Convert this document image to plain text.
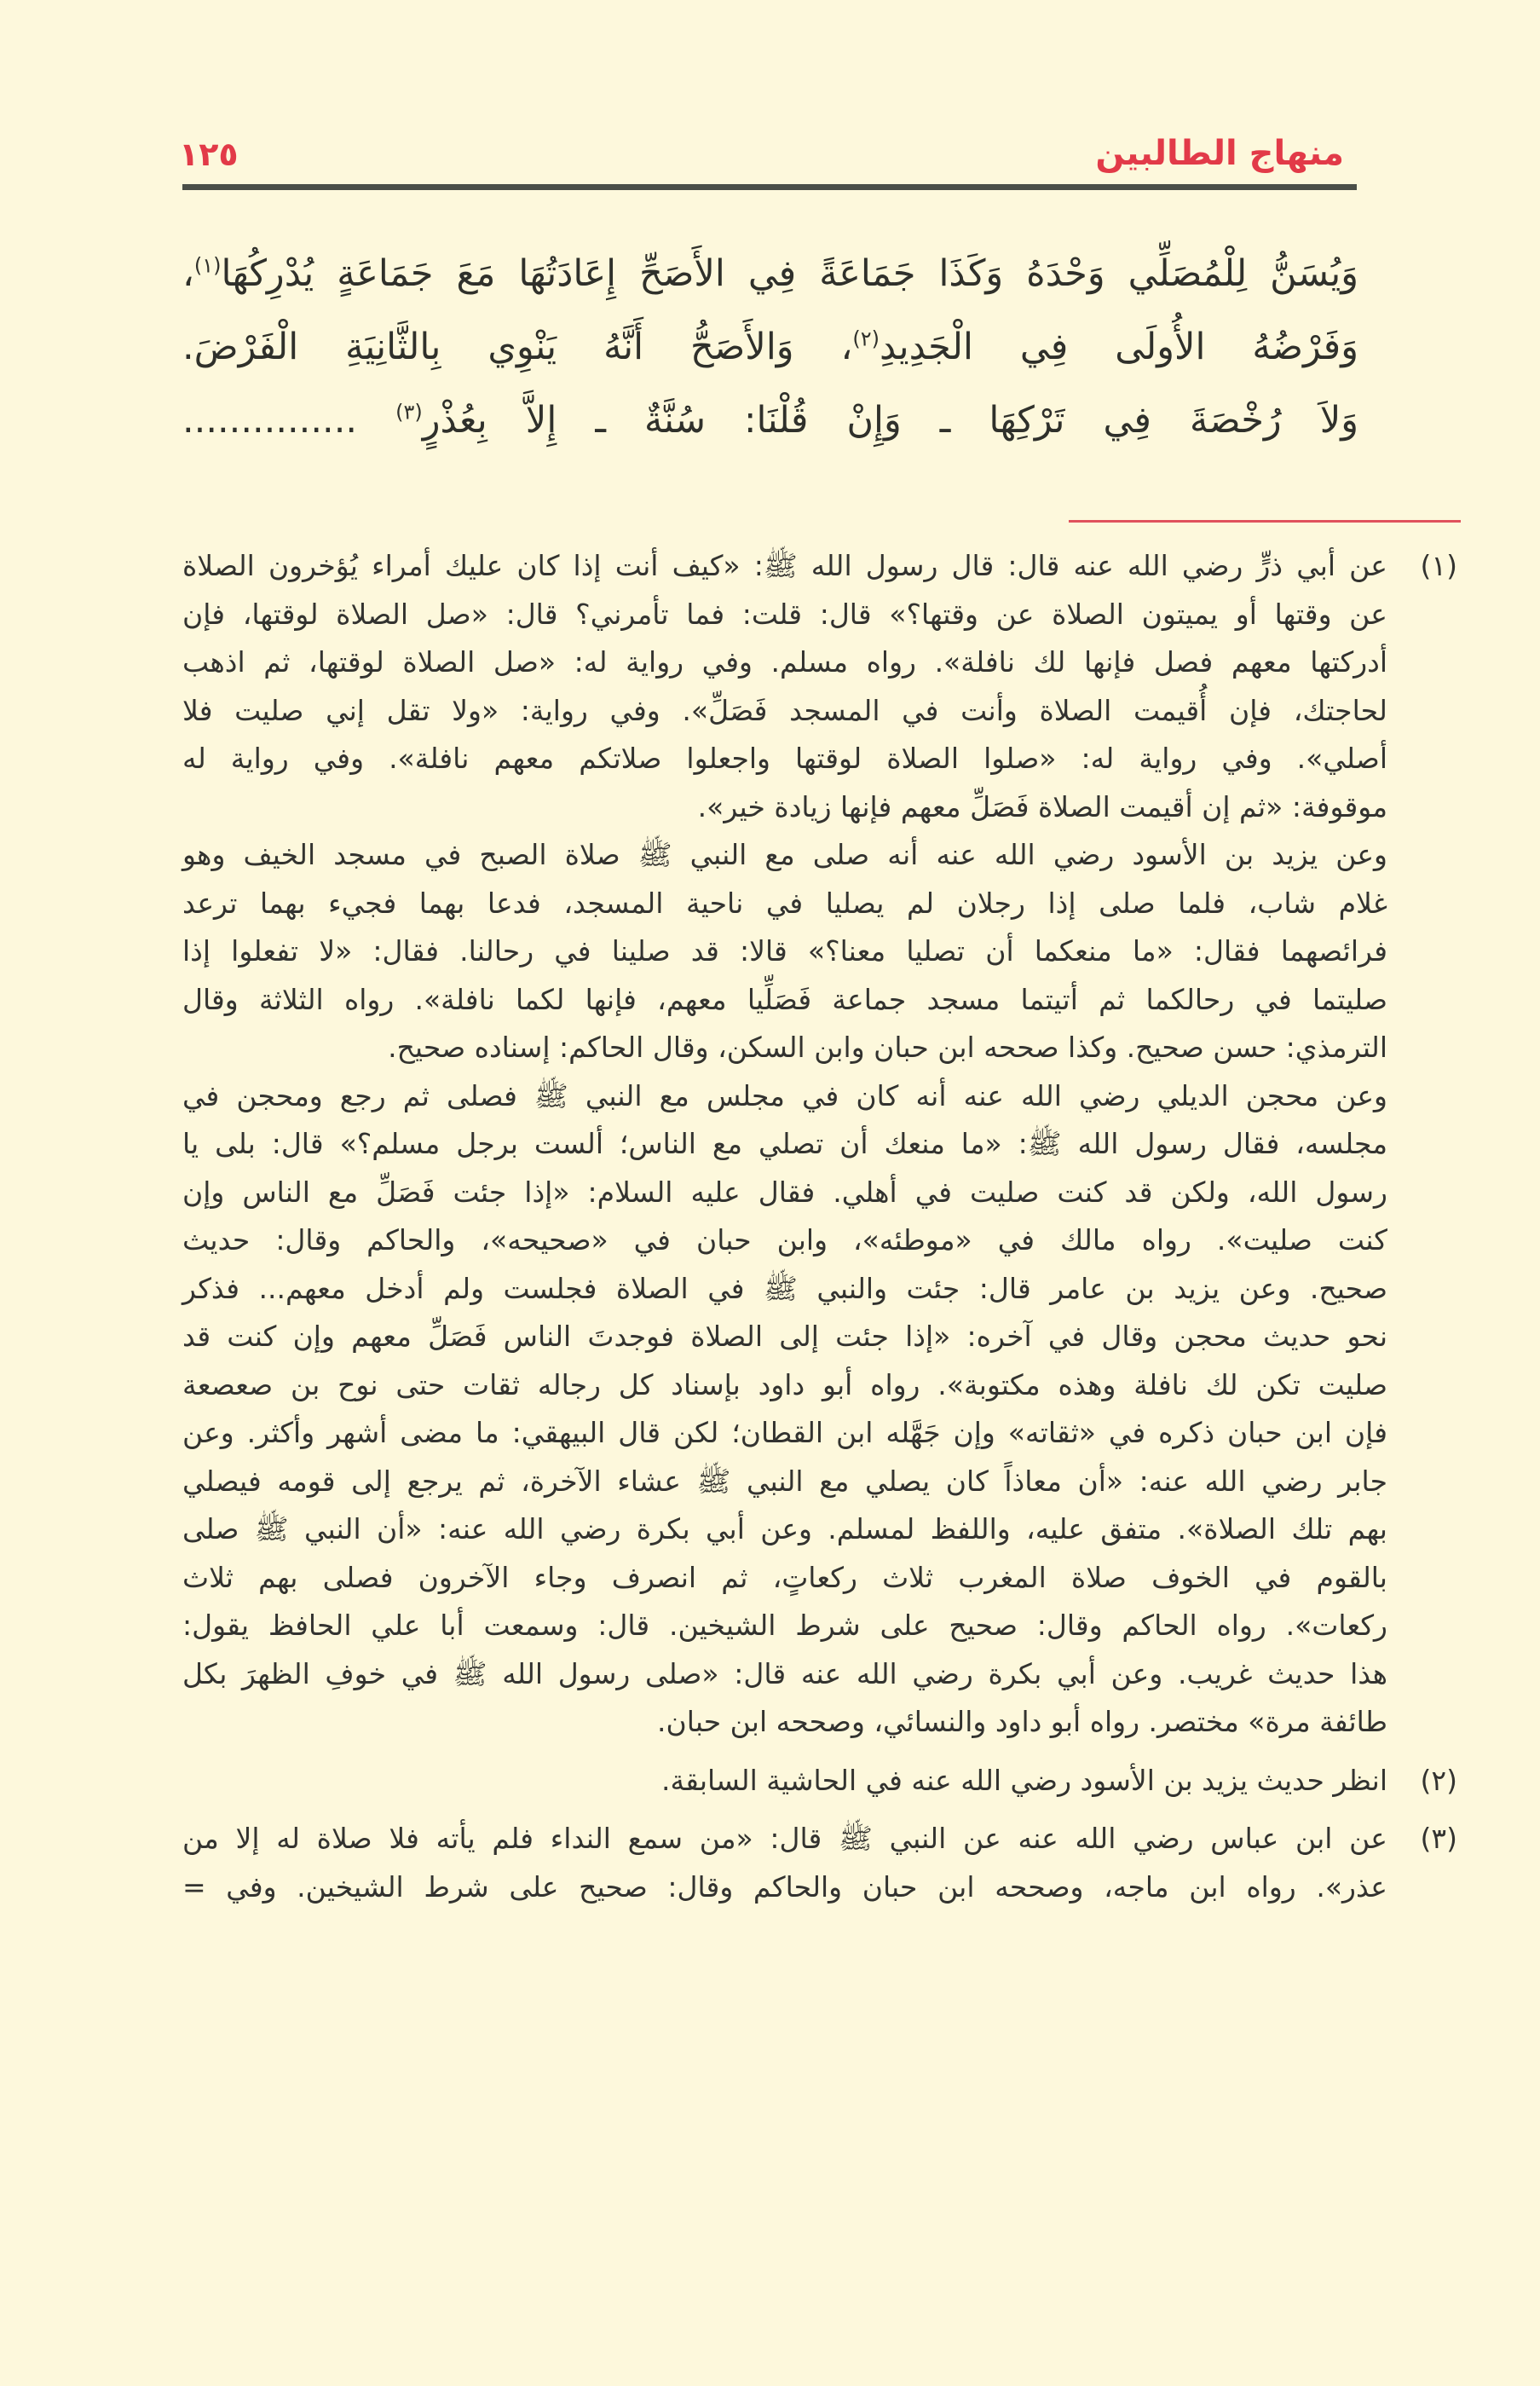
منهاج الطالبين
١٢٥
وَيُسَنُّ لِلْمُصَلِّي وَحْدَهُ وَكَذَا جَمَاعَةً فِي الأَصَحِّ إِعَادَتُهَا مَعَ جَمَاعَةٍ يُدْرِكُهَا$^{(١)}$،
وَفَرْضُهُ الأُولَى فِي الْجَدِيدِ$^{(٢)}$، وَالأَصَحُّ أَنَّهُ يَنْوِي بِالثَّانِيَةِ الْفَرْضَ.
وَلاَ رُخْصَةَ فِي تَرْكِهَا ـ وَإِنْ قُلْنَا: سُنَّةٌ ـ إِلاَّ بِعُذْرٍ$^{(٣)}$ ...............
(١)
عن أبي ذرٍّ رضي الله عنه قال: قال رسول الله ﷺ: «كيف أنت إذا كان عليك أمراء يُؤخرون الصلاة
عن وقتها أو يميتون الصلاة عن وقتها؟» قال: قلت: فما تأمرني؟ قال: «صل الصلاة لوقتها، فإن
أدركتها معهم فصل فإنها لك نافلة». رواه مسلم. وفي رواية له: «صل الصلاة لوقتها، ثم اذهب
لحاجتك، فإن أُقيمت الصلاة وأنت في المسجد فَصَلِّ». وفي رواية: «ولا تقل إني صليت فلا
أصلي». وفي رواية له: «صلوا الصلاة لوقتها واجعلوا صلاتكم معهم نافلة». وفي رواية له
موقوفة: «ثم إن أقيمت الصلاة فَصَلِّ معهم فإنها زيادة خير».
وعن يزيد بن الأسود رضي الله عنه أنه صلى مع النبي ﷺ صلاة الصبح في مسجد الخيف وهو
غلام شاب، فلما صلى إذا رجلان لم يصليا في ناحية المسجد، فدعا بهما فجيء بهما ترعد
فرائصهما فقال: «ما منعكما أن تصليا معنا؟» قالا: قد صلينا في رحالنا. فقال: «لا تفعلوا إذا
صليتما في رحالكما ثم أتيتما مسجد جماعة فَصَلِّيا معهم، فإنها لكما نافلة». رواه الثلاثة وقال
الترمذي: حسن صحيح. وكذا صححه ابن حبان وابن السكن، وقال الحاكم: إسناده صحيح.
وعن محجن الديلي رضي الله عنه أنه كان في مجلس مع النبي ﷺ فصلى ثم رجع ومحجن في
مجلسه، فقال رسول الله ﷺ: «ما منعك أن تصلي مع الناس؛ ألست برجل مسلم؟» قال: بلى يا
رسول الله، ولكن قد كنت صليت في أهلي. فقال عليه السلام: «إذا جئت فَصَلِّ مع الناس وإن
كنت صليت». رواه مالك في «موطئه»، وابن حبان في «صحيحه»، والحاكم وقال: حديث
صحيح. وعن يزيد بن عامر قال: جئت والنبي ﷺ في الصلاة فجلست ولم أدخل معهم... فذكر
نحو حديث محجن وقال في آخره: «إذا جئت إلى الصلاة فوجدتَ الناس فَصَلِّ معهم وإن كنت قد
صليت تكن لك نافلة وهذه مكتوبة». رواه أبو داود بإسناد كل رجاله ثقات حتى نوح بن صعصعة
فإن ابن حبان ذكره في «ثقاته» وإن جَهَّله ابن القطان؛ لكن قال البيهقي: ما مضى أشهر وأكثر. وعن
جابر رضي الله عنه: «أن معاذاً كان يصلي مع النبي ﷺ عشاء الآخرة، ثم يرجع إلى قومه فيصلي
بهم تلك الصلاة». متفق عليه، واللفظ لمسلم. وعن أبي بكرة رضي الله عنه: «أن النبي ﷺ صلى
بالقوم في الخوف صلاة المغرب ثلاث ركعاتٍ، ثم انصرف وجاء الآخرون فصلى بهم ثلاث
ركعات». رواه الحاكم وقال: صحيح على شرط الشيخين. قال: وسمعت أبا علي الحافظ يقول:
هذا حديث غريب. وعن أبي بكرة رضي الله عنه قال: «صلى رسول الله ﷺ في خوفِ الظهرَ بكل
طائفة مرة» مختصر. رواه أبو داود والنسائي، وصححه ابن حبان.
(٢)
انظر حديث يزيد بن الأسود رضي الله عنه في الحاشية السابقة.
(٣)
عن ابن عباس رضي الله عنه عن النبي ﷺ قال: «من سمع النداء فلم يأته فلا صلاة له إلا من
عذر». رواه ابن ماجه، وصححه ابن حبان والحاكم وقال: صحيح على شرط الشيخين. وفي =
